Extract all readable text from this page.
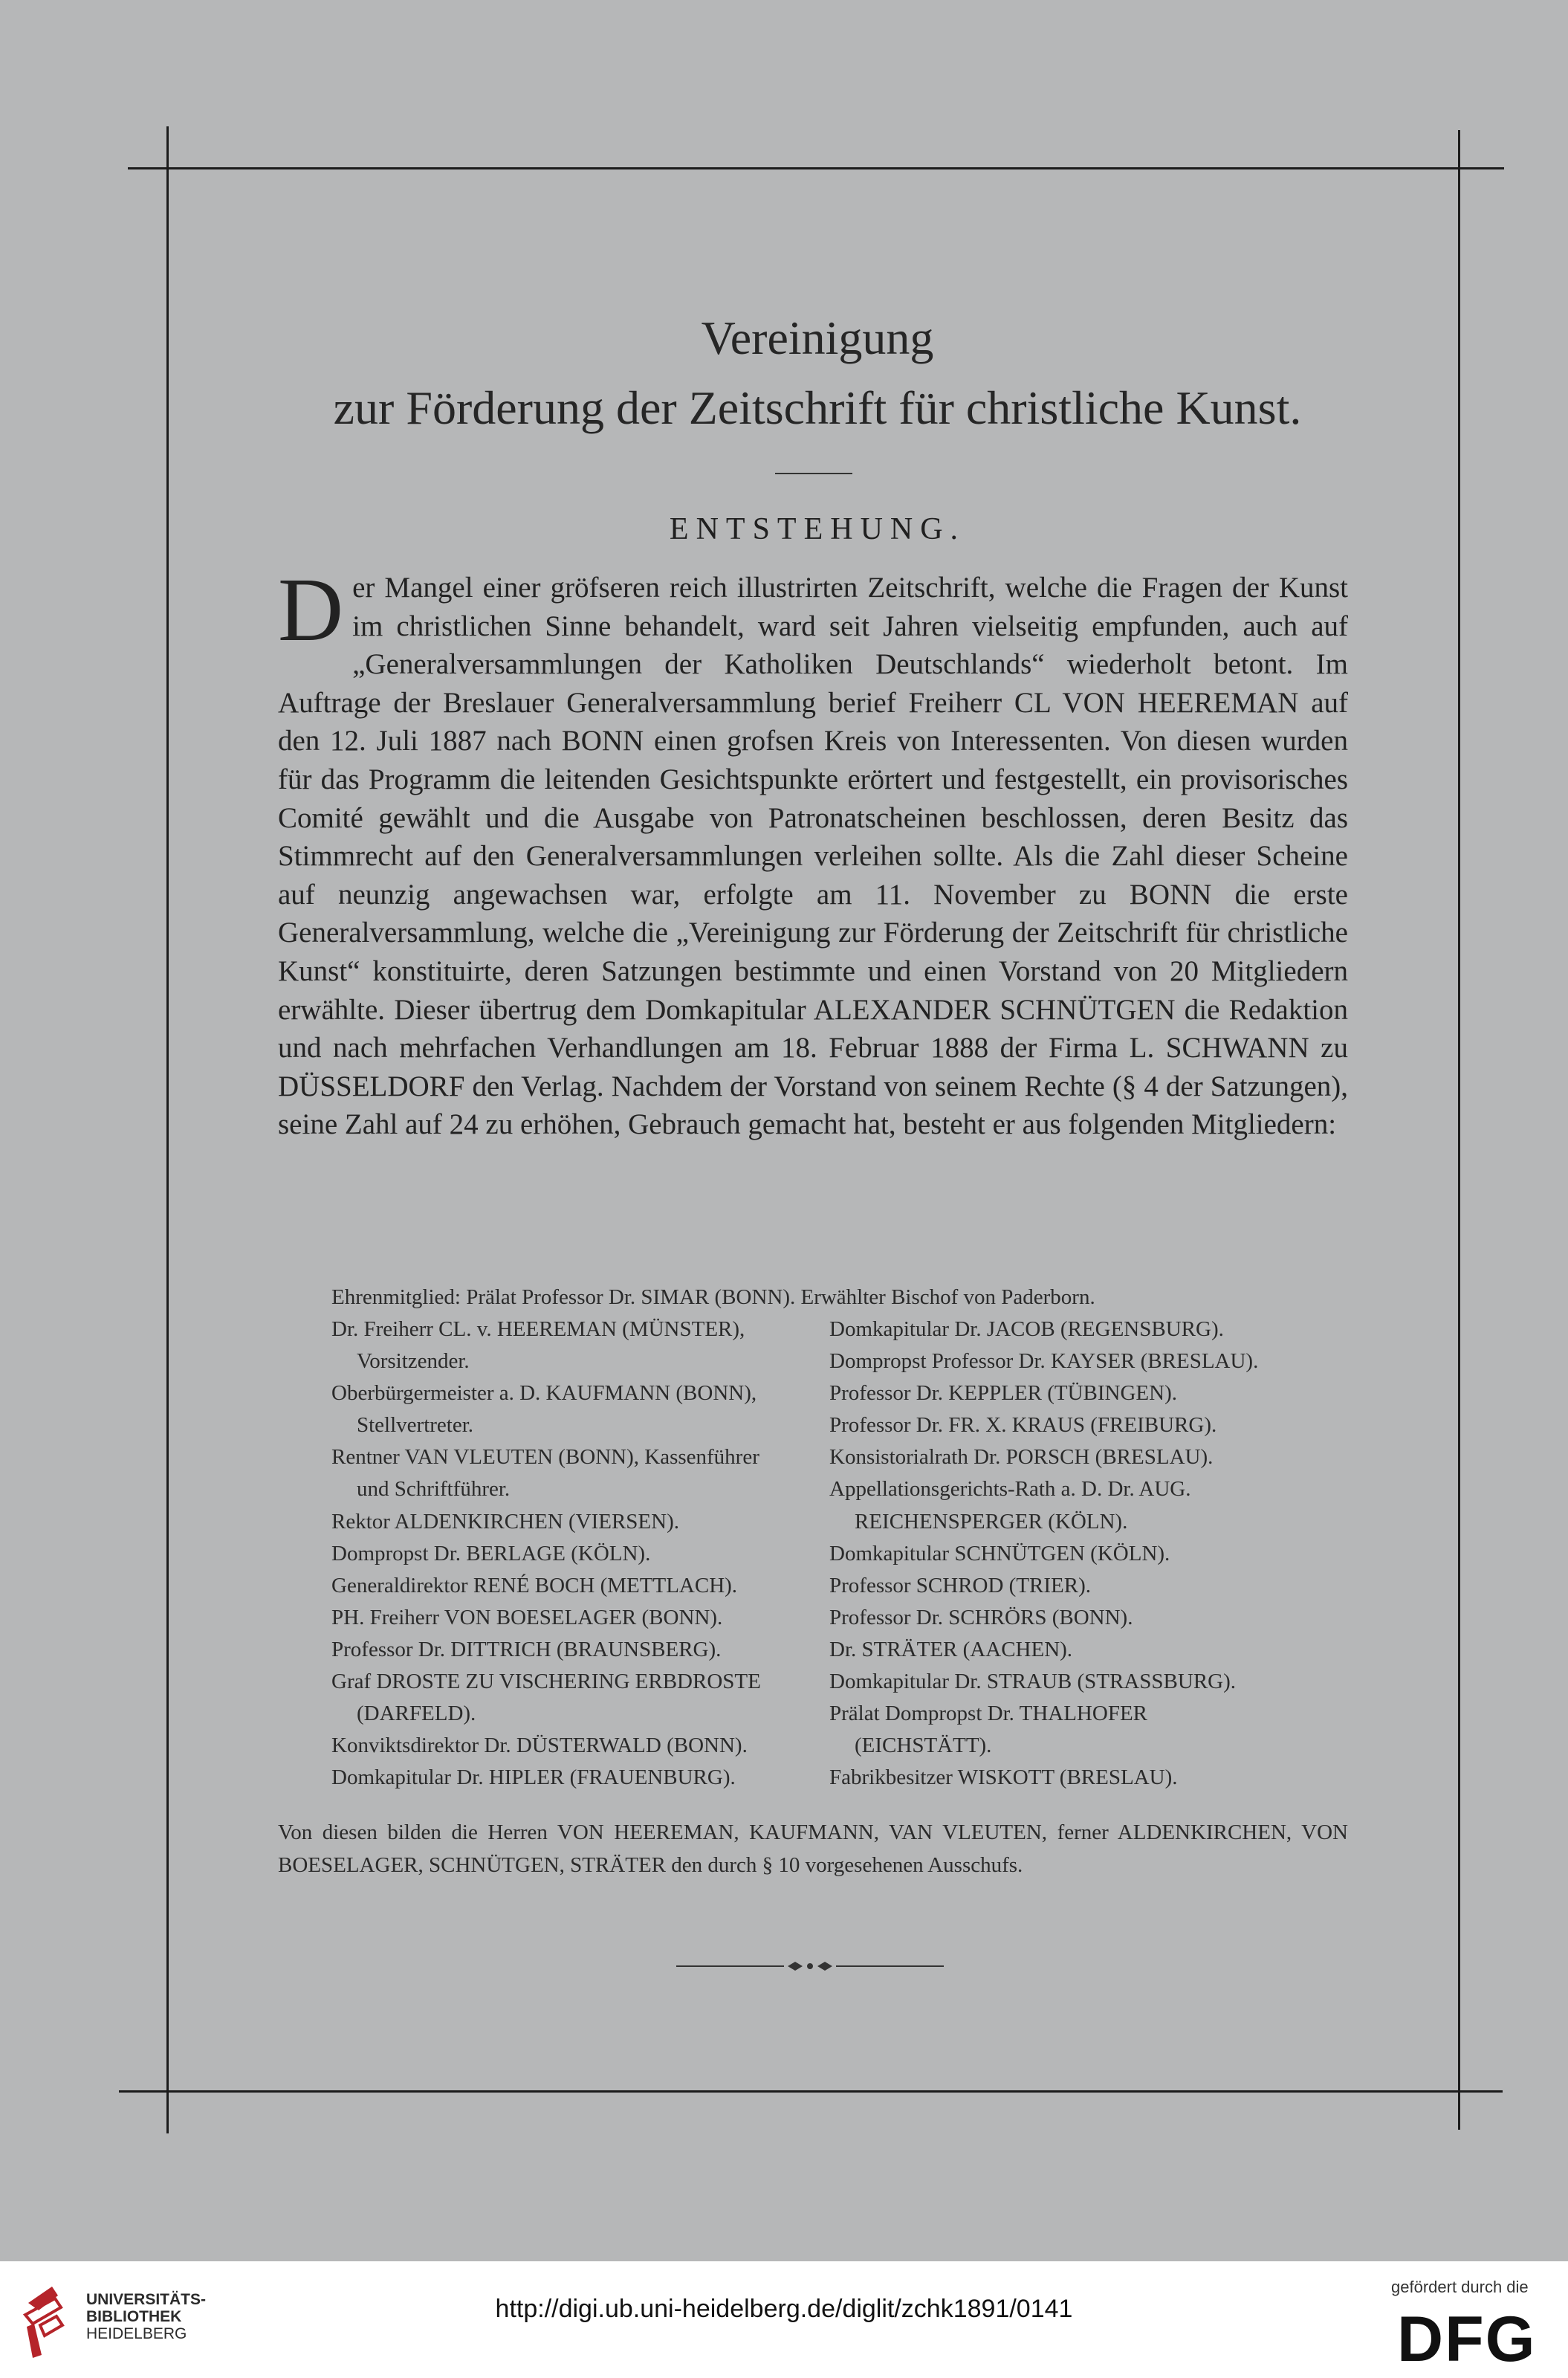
Vereinigung
zur Förderung der Zeitschrift für christliche Kunst.
ENTSTEHUNG.
D er Mangel einer gröfseren reich illustrirten Zeitschrift, welche die Fragen der Kunst im christlichen Sinne behandelt, ward seit Jahren vielseitig empfunden, auch auf „Generalversammlungen der Katholiken Deutschlands“ wiederholt betont. Im Auftrage der Breslauer Generalversammlung berief Freiherr CL VON HEEREMAN auf den 12. Juli 1887 nach BONN einen grofsen Kreis von Interessenten. Von diesen wurden für das Programm die leitenden Gesichtspunkte erörtert und festgestellt, ein provisorisches Comité gewählt und die Ausgabe von Patronatscheinen beschlossen, deren Besitz das Stimmrecht auf den Generalversammlungen verleihen sollte. Als die Zahl dieser Scheine auf neunzig angewachsen war, erfolgte am 11. November zu BONN die erste Generalversammlung, welche die „Vereinigung zur Förderung der Zeitschrift für christliche Kunst“ konstituirte, deren Satzungen bestimmte und einen Vorstand von 20 Mitgliedern erwählte. Dieser übertrug dem Domkapitular ALEXANDER SCHNÜTGEN die Redaktion und nach mehrfachen Verhandlungen am 18. Februar 1888 der Firma L. SCHWANN zu DÜSSELDORF den Verlag. Nachdem der Vorstand von seinem Rechte (§ 4 der Satzungen), seine Zahl auf 24 zu erhöhen, Gebrauch gemacht hat, besteht er aus folgenden Mitgliedern:
Ehrenmitglied: Prälat Professor Dr. SIMAR (BONN). Erwählter Bischof von Paderborn.
Dr. Freiherr CL. v. HEEREMAN (MÜNSTER),
Vorsitzender.
Oberbürgermeister a. D. KAUFMANN (BONN),
Stellvertreter.
Rentner VAN VLEUTEN (BONN), Kassenführer
und Schriftführer.
Rektor ALDENKIRCHEN (VIERSEN).
Dompropst Dr. BERLAGE (KÖLN).
Generaldirektor RENÉ BOCH (METTLACH).
PH. Freiherr VON BOESELAGER (BONN).
Professor Dr. DITTRICH (BRAUNSBERG).
Graf DROSTE ZU VISCHERING ERBDROSTE
(DARFELD).
Konviktsdirektor Dr. DÜSTERWALD (BONN).
Domkapitular Dr. HIPLER (FRAUENBURG).
Domkapitular Dr. JACOB (REGENSBURG).
Dompropst Professor Dr. KAYSER (BRESLAU).
Professor Dr. KEPPLER (TÜBINGEN).
Professor Dr. FR. X. KRAUS (FREIBURG).
Konsistorialrath Dr. PORSCH (BRESLAU).
Appellationsgerichts-Rath a. D. Dr. AUG.
REICHENSPERGER (KÖLN).
Domkapitular SCHNÜTGEN (KÖLN).
Professor SCHROD (TRIER).
Professor Dr. SCHRÖRS (BONN).
Dr. STRÄTER (AACHEN).
Domkapitular Dr. STRAUB (STRASSBURG).
Prälat Dompropst Dr. THALHOFER
(EICHSTÄTT).
Fabrikbesitzer WISKOTT (BRESLAU).
Von diesen bilden die Herren VON HEEREMAN, KAUFMANN, VAN VLEUTEN, ferner ALDENKIRCHEN, VON BOESELAGER, SCHNÜTGEN, STRÄTER den durch § 10 vorgesehenen Ausschufs.
UNIVERSITÄTS-
BIBLIOTHEK
HEIDELBERG
http://digi.ub.uni-heidelberg.de/diglit/zchk1891/0141
gefördert durch die
DFG
